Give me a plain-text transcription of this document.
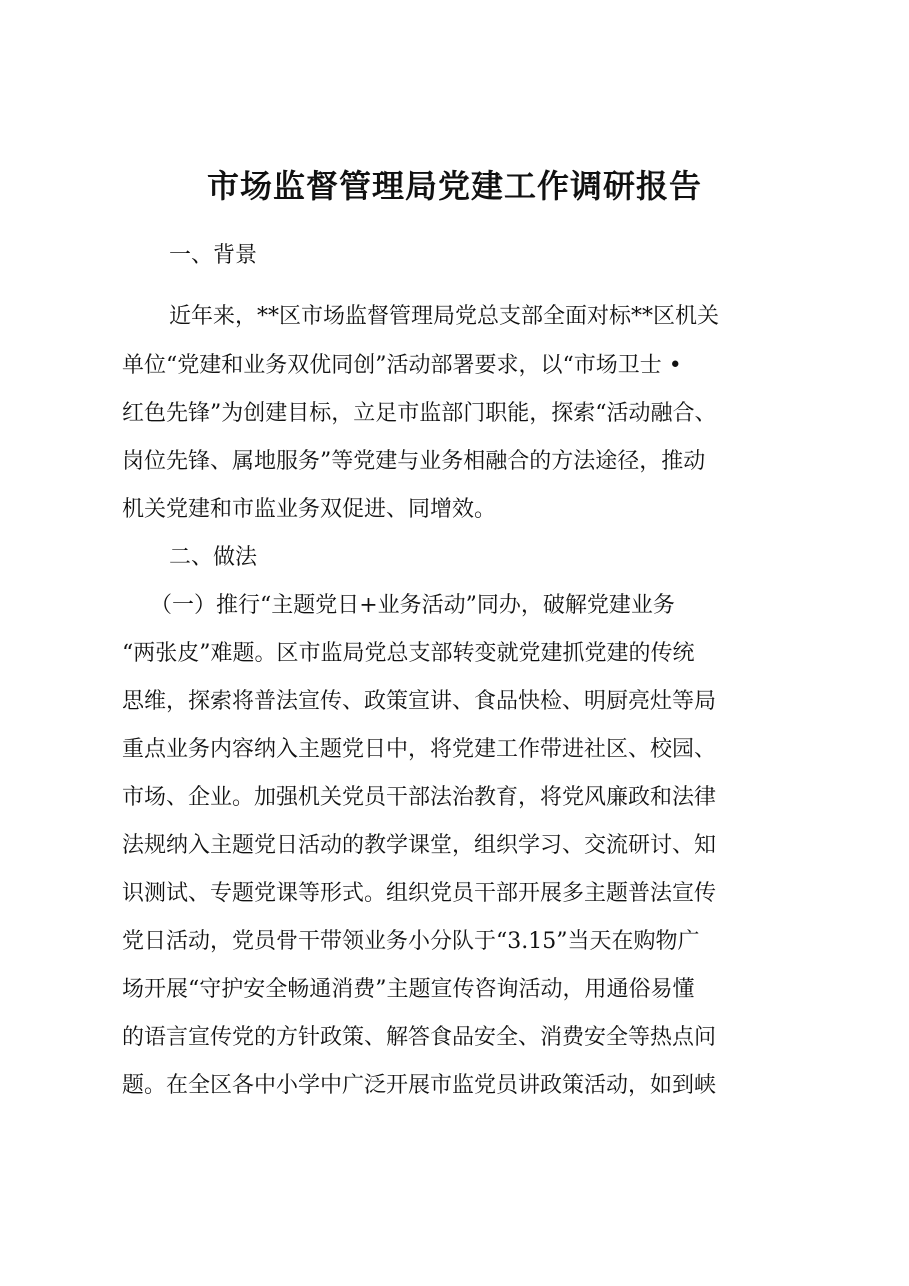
市场监督管理局党建工作调研报告
一、背景
近年来，**区市场监督管理局党总支部全面对标**区机关
单位“党建和业务双优同创”活动部署要求，以“市场卫士 •
红色先锋”为创建目标，立足市监部门职能，探索“活动融合、
岗位先锋、属地服务”等党建与业务相融合的方法途径，推动
机关党建和市监业务双促进、同增效。
二、做法
（一）推行“主题党日+业务活动”同办，破解党建业务
“两张皮”难题。区市监局党总支部转变就党建抓党建的传统
思维，探索将普法宣传、政策宣讲、食品快检、明厨亮灶等局
重点业务内容纳入主题党日中，将党建工作带进社区、校园、
市场、企业。加强机关党员干部法治教育，将党风廉政和法律
法规纳入主题党日活动的教学课堂，组织学习、交流研讨、知
识测试、专题党课等形式。组织党员干部开展多主题普法宣传
党日活动，党员骨干带领业务小分队于“3.15”当天在购物广
场开展“守护安全畅通消费”主题宣传咨询活动，用通俗易懂
的语言宣传党的方针政策、解答食品安全、消费安全等热点问
题。在全区各中小学中广泛开展市监党员讲政策活动，如到峡
